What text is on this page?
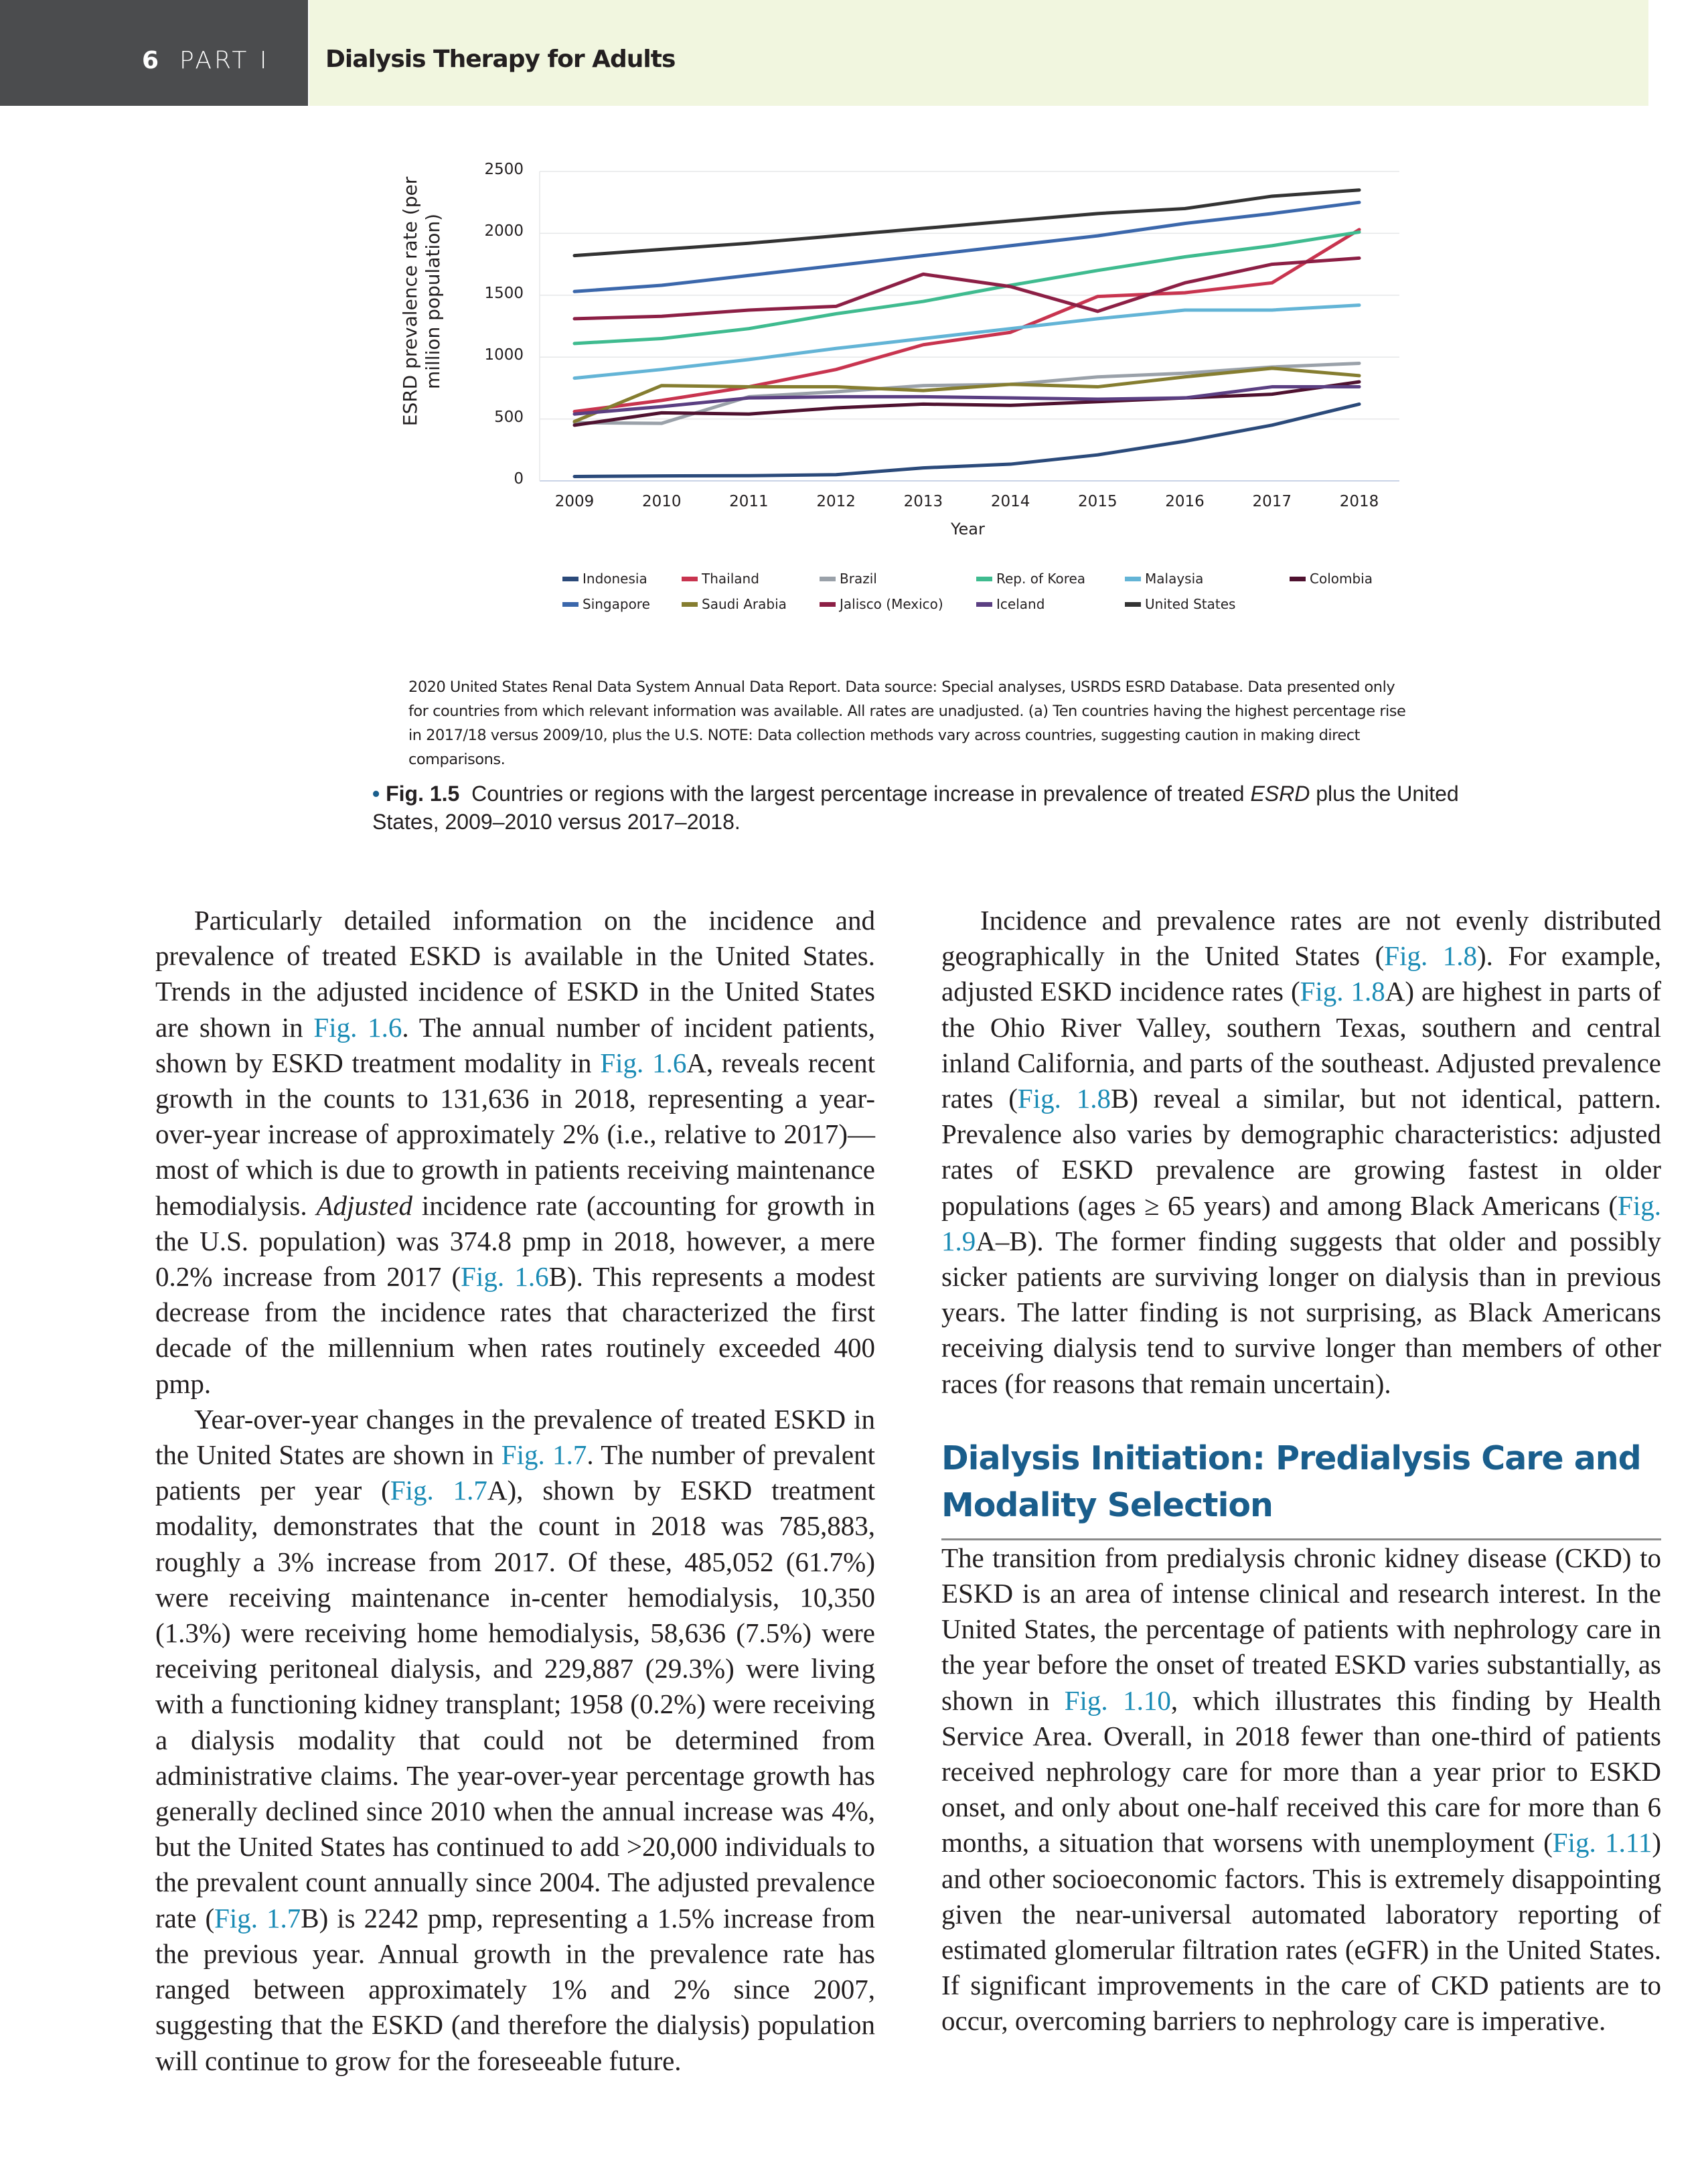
6 PART I Dialysis Therapy for Adults
ESRD prevalence rate (per million population)
0
500
1000
1500
2000
2500
2009	2010	2011	2012	2013	2014	2015	2016	2017	2018
Year
Indonesia	Thailand	Brazil	Rep. of Korea	Malaysia	Colombia
Singapore	Saudi Arabia	Jalisco (Mexico)	Iceland	United States
2020 United States Renal Data System Annual Data Report. Data source: Special analyses, USRDS ESRD Database. Data presented only for countries from which relevant information was available. All rates are unadjusted. (a) Ten countries having the highest percentage rise in 2017/18 versus 2009/10, plus the U.S. NOTE: Data collection methods vary across countries, suggesting caution in making direct comparisons.
• Fig. 1.5 Countries or regions with the largest percentage increase in prevalence of treated ESRD plus the United States, 2009–2010 versus 2017–2018.

Particularly detailed information on the incidence and prevalence of treated ESKD is available in the United States. Trends in the adjusted incidence of ESKD in the United States are shown in Fig. 1.6. The annual number of incident patients, shown by ESKD treatment modality in Fig. 1.6A, reveals recent growth in the counts to 131,636 in 2018, representing a year-over-year increase of approximately 2% (i.e., relative to 2017)—most of which is due to growth in patients receiving maintenance hemodialysis. Adjusted incidence rate (accounting for growth in the U.S. population) was 374.8 pmp in 2018, however, a mere 0.2% increase from 2017 (Fig. 1.6B). This represents a modest decrease from the incidence rates that characterized the first decade of the millennium when rates routinely exceeded 400 pmp.

Year-over-year changes in the prevalence of treated ESKD in the United States are shown in Fig. 1.7. The number of prevalent patients per year (Fig. 1.7A), shown by ESKD treatment modality, demonstrates that the count in 2018 was 785,883, roughly a 3% increase from 2017. Of these, 485,052 (61.7%) were receiving maintenance in-center hemodialysis, 10,350 (1.3%) were receiving home hemodialysis, 58,636 (7.5%) were receiving peritoneal dialysis, and 229,887 (29.3%) were living with a functioning kidney transplant; 1958 (0.2%) were receiving a dialysis modality that could not be determined from administrative claims. The year-over-year percentage growth has generally declined since 2010 when the annual increase was 4%, but the United States has continued to add >20,000 individuals to the prevalent count annually since 2004. The adjusted prevalence rate (Fig. 1.7B) is 2242 pmp, representing a 1.5% increase from the previous year. Annual growth in the prevalence rate has ranged between approximately 1% and 2% since 2007, suggesting that the ESKD (and therefore the dialysis) population will continue to grow for the foreseeable future.

Incidence and prevalence rates are not evenly distributed geographically in the United States (Fig. 1.8). For example, adjusted ESKD incidence rates (Fig. 1.8A) are highest in parts of the Ohio River Valley, southern Texas, southern and central inland California, and parts of the southeast. Adjusted prevalence rates (Fig. 1.8B) reveal a similar, but not identical, pattern. Prevalence also varies by demographic characteristics: adjusted rates of ESKD prevalence are growing fastest in older populations (ages ≥ 65 years) and among Black Americans (Fig. 1.9A–B). The former finding suggests that older and possibly sicker patients are surviving longer on dialysis than in previous years. The latter finding is not surprising, as Black Americans receiving dialysis tend to survive longer than members of other races (for reasons that remain uncertain).

Dialysis Initiation: Predialysis Care and Modality Selection

The transition from predialysis chronic kidney disease (CKD) to ESKD is an area of intense clinical and research interest. In the United States, the percentage of patients with nephrology care in the year before the onset of treated ESKD varies substantially, as shown in Fig. 1.10, which illustrates this finding by Health Service Area. Overall, in 2018 fewer than one-third of patients received nephrology care for more than a year prior to ESKD onset, and only about one-half received this care for more than 6 months, a situation that worsens with unemployment (Fig. 1.11) and other socioeconomic factors. This is extremely disappointing given the near-universal automated laboratory reporting of estimated glomerular filtration rates (eGFR) in the United States. If significant improvements in the care of CKD patients are to occur, overcoming barriers to nephrology care is imperative.
